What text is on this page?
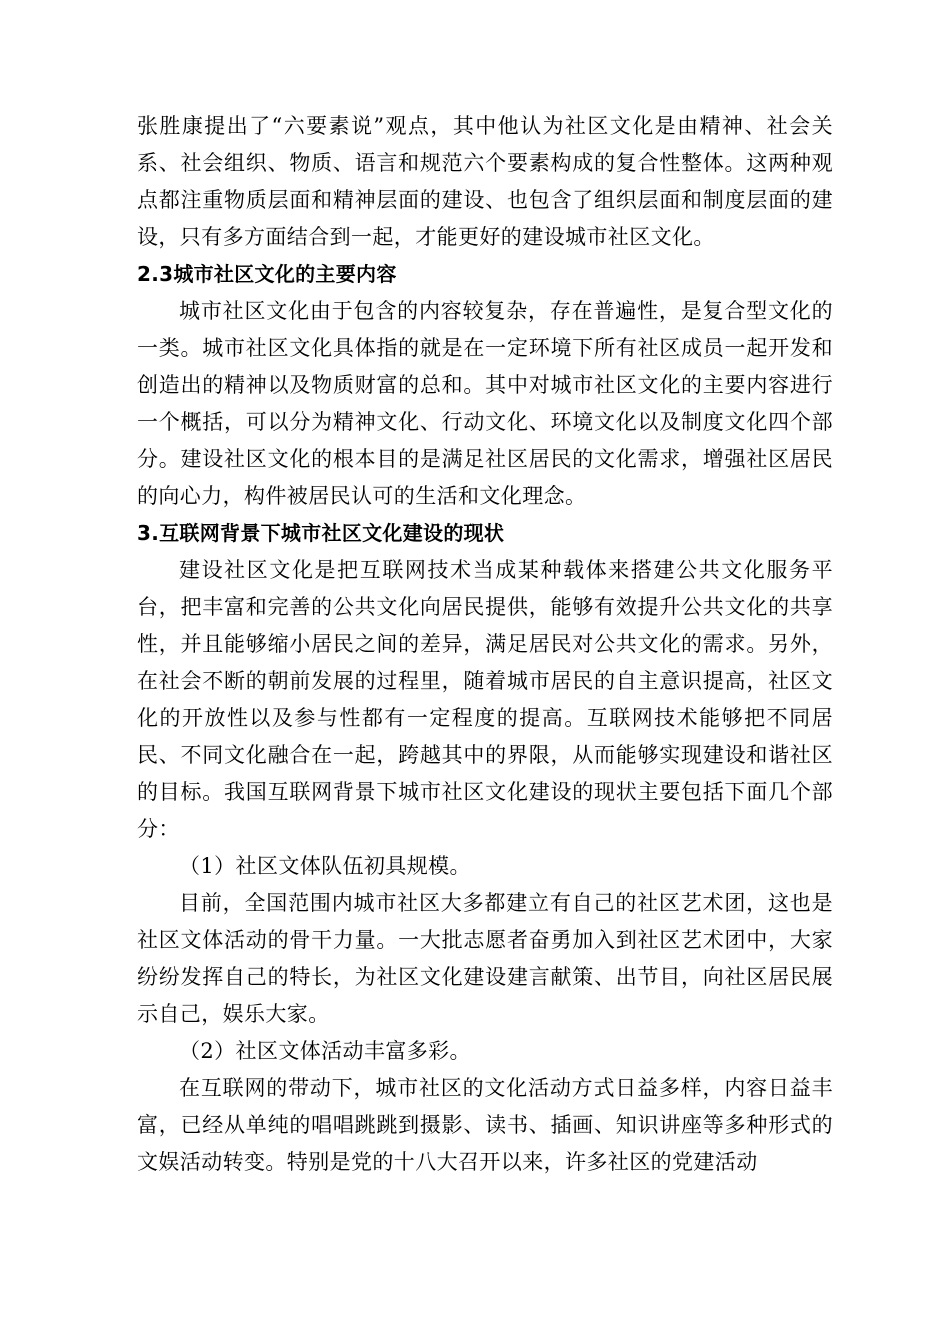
张胜康提出了“六要素说”观点，其中他认为社区文化是由精神、社会关系、社会组织、物质、语言和规范六个要素构成的复合性整体。这两种观点都注重物质层面和精神层面的建设、也包含了组织层面和制度层面的建设，只有多方面结合到一起，才能更好的建设城市社区文化。

2.3城市社区文化的主要内容

城市社区文化由于包含的内容较复杂，存在普遍性，是复合型文化的一类。城市社区文化具体指的就是在一定环境下所有社区成员一起开发和创造出的精神以及物质财富的总和。其中对城市社区文化的主要内容进行一个概括，可以分为精神文化、行动文化、环境文化以及制度文化四个部分。建设社区文化的根本目的是满足社区居民的文化需求，增强社区居民的向心力，构件被居民认可的生活和文化理念。

3.互联网背景下城市社区文化建设的现状

建设社区文化是把互联网技术当成某种载体来搭建公共文化服务平台，把丰富和完善的公共文化向居民提供，能够有效提升公共文化的共享性，并且能够缩小居民之间的差异，满足居民对公共文化的需求。另外，在社会不断的朝前发展的过程里，随着城市居民的自主意识提高，社区文化的开放性以及参与性都有一定程度的提高。互联网技术能够把不同居民、不同文化融合在一起，跨越其中的界限，从而能够实现建设和谐社区的目标。我国互联网背景下城市社区文化建设的现状主要包括下面几个部分：

（1）社区文体队伍初具规模。

目前，全国范围内城市社区大多都建立有自己的社区艺术团，这也是社区文体活动的骨干力量。一大批志愿者奋勇加入到社区艺术团中，大家纷纷发挥自己的特长，为社区文化建设建言献策、出节目，向社区居民展示自己，娱乐大家。

（2）社区文体活动丰富多彩。

在互联网的带动下，城市社区的文化活动方式日益多样，内容日益丰富，已经从单纯的唱唱跳跳到摄影、读书、插画、知识讲座等多种形式的文娱活动转变。特别是党的十八大召开以来，许多社区的党建活动
